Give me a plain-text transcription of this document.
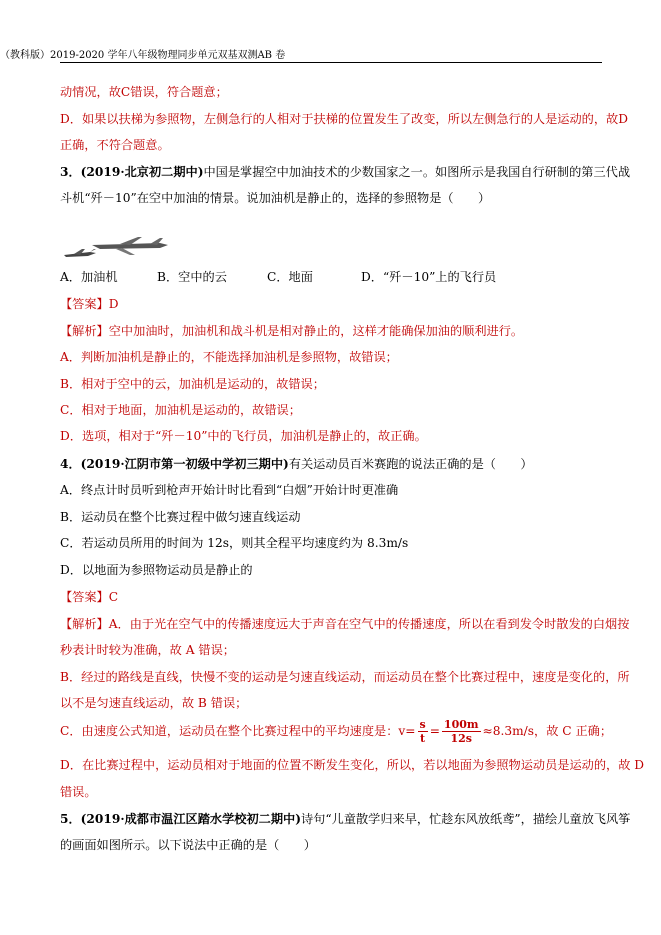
（教科版）2019-2020 学年八年级物理同步单元双基双测AB 卷
动情况，故C错误，符合题意；
D．如果以扶梯为参照物，左侧急行的人相对于扶梯的位置发生了改变，所以左侧急行的人是运动的，故D
正确，不符合题意。
3．(2019·北京初二期中)中国是掌握空中加油技术的少数国家之一。如图所示是我国自行研制的第三代战
斗机“歼－10”在空中加油的情景。说加油机是静止的，选择的参照物是（　　）
A．加油机	B．空中的云	C．地面	D．“歼－10”上的飞行员
【答案】D
【解析】空中加油时，加油机和战斗机是相对静止的，这样才能确保加油的顺利进行。
A．判断加油机是静止的，不能选择加油机是参照物，故错误；
B．相对于空中的云，加油机是运动的，故错误；
C．相对于地面，加油机是运动的，故错误；
D．选项，相对于“歼－10”中的飞行员，加油机是静止的，故正确。
4．(2019·江阴市第一初级中学初三期中)有关运动员百米赛跑的说法正确的是（　　）
A．终点计时员听到枪声开始计时比看到“白烟”开始计时更准确
B．运动员在整个比赛过程中做匀速直线运动
C．若运动员所用的时间为 12s，则其全程平均速度约为 8.3m/s
D．以地面为参照物运动员是静止的
【答案】C
【解析】A．由于光在空气中的传播速度远大于声音在空气中的传播速度，所以在看到发令时散发的白烟按
秒表计时较为准确，故 A 错误；
B．经过的路线是直线，快慢不变的运动是匀速直线运动，而运动员在整个比赛过程中，速度是变化的，所
以不是匀速直线运动，故 B 错误；
C．由速度公式知道，运动员在整个比赛过程中的平均速度是：$v= \frac{s}{t} = \frac{100m}{12s} \approx 8.3m/s$，故 C 正确；
D．在比赛过程中，运动员相对于地面的位置不断发生变化，所以，若以地面为参照物运动员是运动的，故 D
错误。
5．(2019·成都市温江区踏水学校初二期中)诗句“儿童散学归来早，忙趁东风放纸鸢”，描绘儿童放飞风筝
的画面如图所示。以下说法中正确的是（　　）
